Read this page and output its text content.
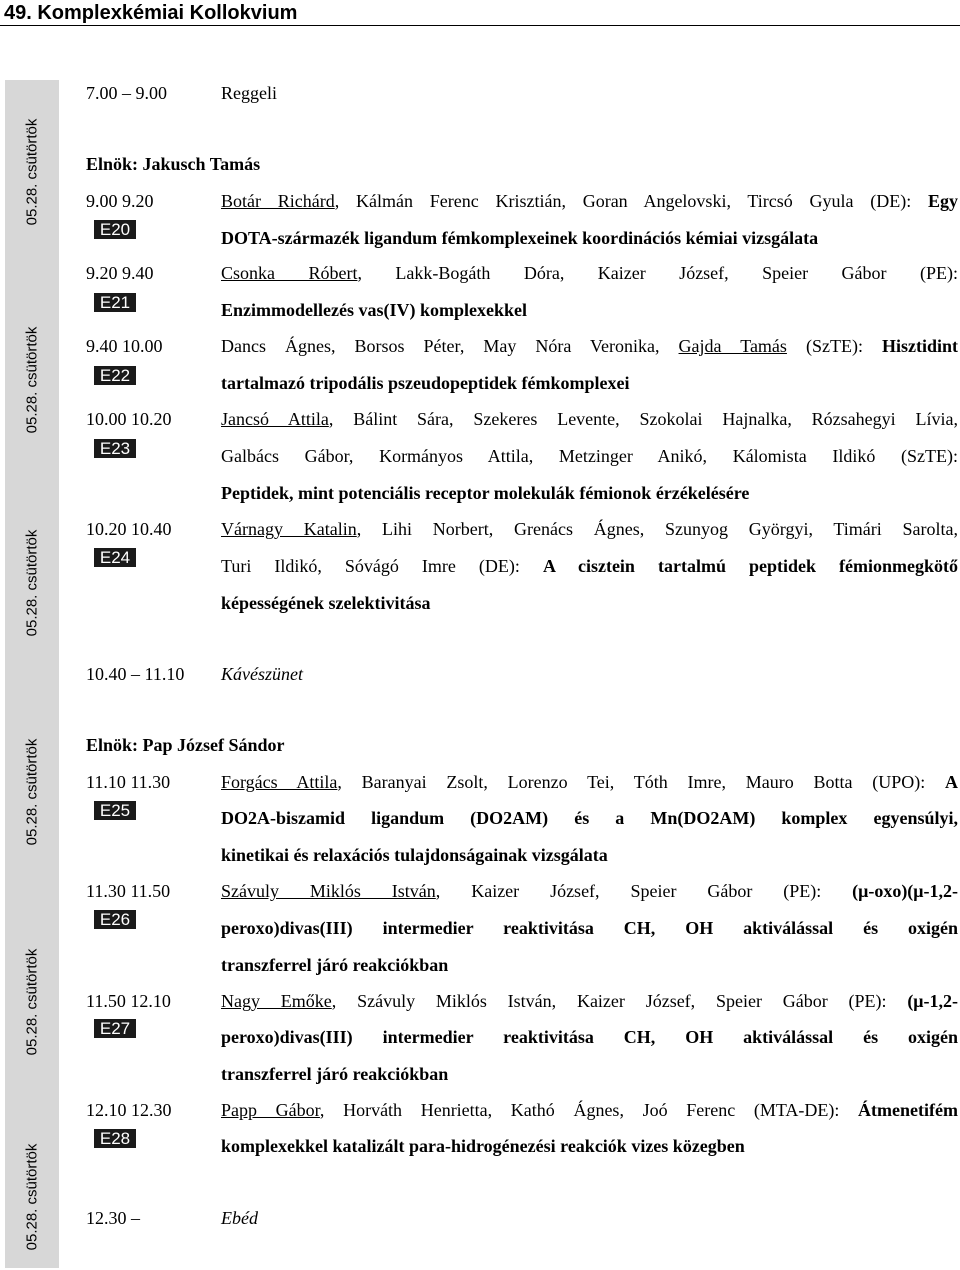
49. Komplexkémiai Kollokvium
05.28. csütörtök
05.28. csütörtök
05.28. csütörtök
05.28. csütörtök
05.28. csütörtök
05.28. csütörtök
7.00 – 9.00	Reggeli
Elnök: Jakusch Tamás
9.00 9.20
E20
Botár Richárd, Kálmán Ferenc Krisztián, Goran Angelovski, Tircsó Gyula (DE): Egy
DOTA-származék ligandum fémkomplexeinek koordinációs kémiai vizsgálata
9.20 9.40
E21
Csonka Róbert, Lakk-Bogáth Dóra, Kaizer József, Speier Gábor (PE):
Enzimmodellezés vas(IV) komplexekkel
9.40 10.00
E22
Dancs Ágnes, Borsos Péter, May Nóra Veronika, Gajda Tamás (SzTE): Hisztidint
tartalmazó tripodális pszeudopeptidek fémkomplexei
10.00 10.20
E23
Jancsó Attila, Bálint Sára, Szekeres Levente, Szokolai Hajnalka, Rózsahegyi Lívia,
Galbács Gábor, Kormányos Attila, Metzinger Anikó, Kálomista Ildikó (SzTE):
Peptidek, mint potenciális receptor molekulák fémionok érzékelésére
10.20 10.40
E24
Várnagy Katalin, Lihi Norbert, Grenács Ágnes, Szunyog Györgyi, Timári Sarolta,
Turi Ildikó, Sóvágó Imre (DE): A cisztein tartalmú peptidek fémionmegkötő
képességének szelektivitása
10.40 – 11.10 Kávészünet
Elnök: Pap József Sándor
11.10 11.30
E25
Forgács Attila, Baranyai Zsolt, Lorenzo Tei, Tóth Imre, Mauro Botta (UPO): A
DO2A-biszamid ligandum (DO2AM) és a Mn(DO2AM) komplex egyensúlyi,
kinetikai és relaxációs tulajdonságainak vizsgálata
11.30 11.50
E26
Szávuly Miklós István, Kaizer József, Speier Gábor (PE): (μ-oxo)(μ-1,2-
peroxo)divas(III) intermedier reaktivitása CH, OH aktiválással és oxigén
transzferrel járó reakciókban
11.50 12.10
E27
Nagy Emőke, Szávuly Miklós István, Kaizer József, Speier Gábor (PE): (μ-1,2-
peroxo)divas(III) intermedier reaktivitása CH, OH aktiválással és oxigén
transzferrel járó reakciókban
12.10 12.30
E28
Papp Gábor, Horváth Henrietta, Kathó Ágnes, Joó Ferenc (MTA-DE): Átmenetifém
komplexekkel katalizált para-hidrogénezési reakciók vizes közegben
12.30 –	Ebéd
